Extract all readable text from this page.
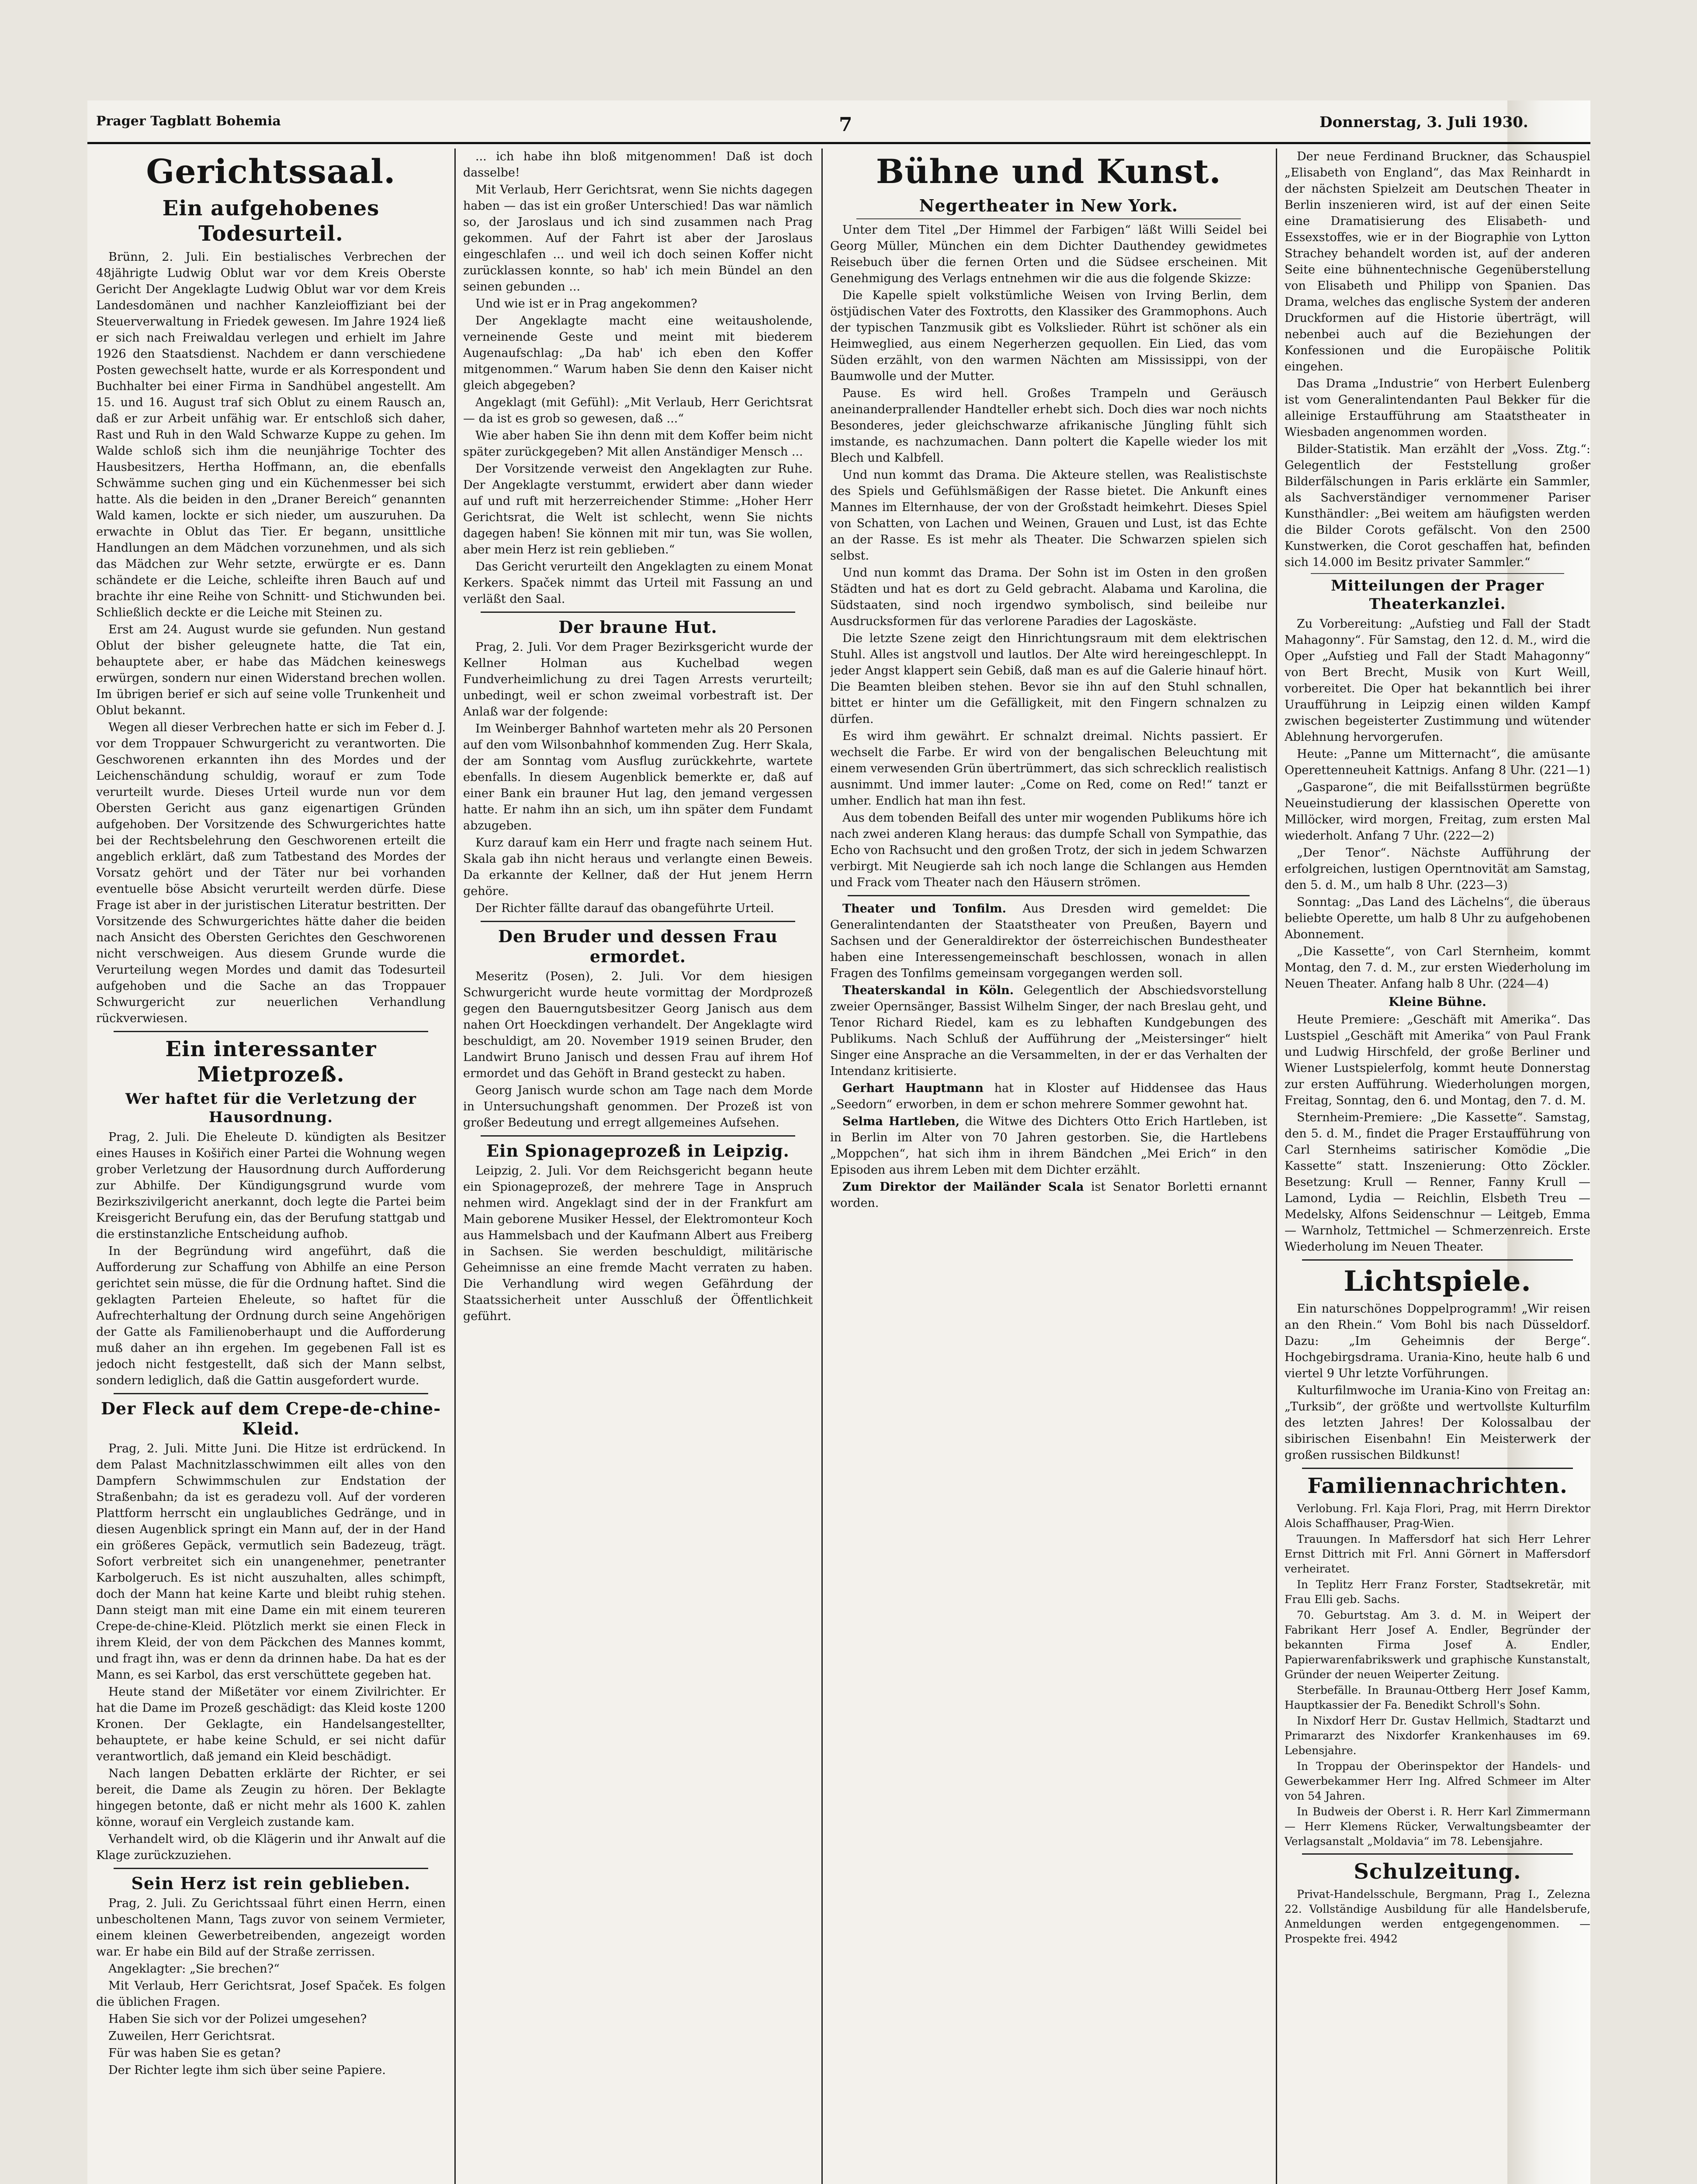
Prager Tagblatt Bohemia	7	Donnerstag, 3. Juli 1930.
Gerichtssaal.
Ein aufgehobenes Todesurteil.

Brünn, 2. Juli. Ein bestialisches Verbrechen der 48jährigte Ludwig Oblut war vor dem Kreis Oberste Gericht Der Angeklagte Ludwig Oblut war vor dem Kreis Landesdomänen und nachher Kanzleioffiziant bei der Steuerverwaltung in Friedek gewesen. Im Jahre 1924 ließ er sich nach Freiwaldau verlegen und erhielt im Jahre 1926 den Staatsdienst. Nachdem er dann verschiedene Posten gewechselt hatte, wurde er als Korrespondent und Buchhalter bei einer Firma in Sandhübel angestellt. Am 15. und 16. August traf sich Oblut zu einem Rausch an, daß er zur Arbeit unfähig war. Er entschloß sich daher, Rast und Ruh in den Wald Schwarze Kuppe zu gehen. Im Walde schloß sich ihm die neunjährige Tochter des Hausbesitzers, Hertha Hoffmann, an, die ebenfalls Schwämme suchen ging und ein Küchenmesser bei sich hatte. Als die beiden in den „Draner Bereich“ genannten Wald kamen, lockte er sich nieder, um auszuruhen. Da erwachte in Oblut das Tier. Er begann, unsittliche Handlungen an dem Mädchen vorzunehmen, und als sich das Mädchen zur Wehr setzte, erwürgte er es. Dann schändete er die Leiche, schleifte ihren Bauch auf und brachte ihr eine Reihe von Schnitt- und Stichwunden bei. Schließlich deckte er die Leiche mit Steinen zu.

Erst am 24. August wurde sie gefunden. Nun gestand Oblut der bisher geleugnete hatte, die Tat ein, behauptete aber, er habe das Mädchen keineswegs erwürgen, sondern nur einen Widerstand brechen wollen. Im übrigen berief er sich auf seine volle Trunkenheit und Oblut bekannt.

Wegen all dieser Verbrechen hatte er sich im Feber d. J. vor dem Troppauer Schwurgericht zu verantworten. Die Geschworenen erkannten ihn des Mordes und der Leichenschändung schuldig, worauf er zum Tode verurteilt wurde. Dieses Urteil wurde nun vor dem Obersten Gericht aus ganz eigenartigen Gründen aufgehoben. Der Vorsitzende des Schwurgerichtes hatte bei der Rechtsbelehrung den Geschworenen erteilt die angeblich erklärt, daß zum Tatbestand des Mordes der Vorsatz gehört und der Täter nur bei vorhanden eventuelle böse Absicht verurteilt werden dürfe. Diese Frage ist aber in der juristischen Literatur bestritten. Der Vorsitzende des Schwurgerichtes hätte daher die beiden nach Ansicht des Obersten Gerichtes den Geschworenen nicht verschweigen. Aus diesem Grunde wurde die Verurteilung wegen Mordes und damit das Todesurteil aufgehoben und die Sache an das Troppauer Schwurgericht zur neuerlichen Verhandlung rückverwiesen.

Ein interessanter Mietprozeß.
Wer haftet für die Verletzung der Hausordnung.

Prag, 2. Juli. Die Eheleute D. kündigten als Besitzer eines Hauses in Košiřich einer Partei die Wohnung wegen grober Verletzung der Hausordnung durch Aufforderung zur Abhilfe. Der Kündigungsgrund wurde vom Bezirkszivilgericht anerkannt, doch legte die Partei beim Kreisgericht Berufung ein, das der Berufung stattgab und die erstinstanzliche Entscheidung aufhob.

In der Begründung wird angeführt, daß die Aufforderung zur Schaffung von Abhilfe an eine Person gerichtet sein müsse, die für die Ordnung haftet. Sind die geklagten Parteien Eheleute, so haftet für die Aufrechterhaltung der Ordnung durch seine Angehörigen der Gatte als Familienoberhaupt und die Aufforderung muß daher an ihn ergehen. Im gegebenen Fall ist es jedoch nicht festgestellt, daß sich der Mann selbst, sondern lediglich, daß die Gattin ausgefordert wurde.

Der Fleck auf dem Crepe-de-chine-Kleid.

Prag, 2. Juli. Mitte Juni. Die Hitze ist erdrückend. In dem Palast Machnitzlasschwimmen eilt alles von den Dampfern Schwimmschulen zur Endstation der Straßenbahn; da ist es geradezu voll. Auf der vorderen Plattform herrscht ein unglaubliches Gedränge, und in diesen Augenblick springt ein Mann auf, der in der Hand ein größeres Gepäck, vermutlich sein Badezeug, trägt. Sofort verbreitet sich ein unangenehmer, penetranter Karbolgeruch. Es ist nicht auszuhalten, alles schimpft, doch der Mann hat keine Karte und bleibt ruhig stehen. Dann steigt man mit eine Dame ein mit einem teureren Crepe-de-chine-Kleid. Plötzlich merkt sie einen Fleck in ihrem Kleid, der von dem Päckchen des Mannes kommt, und fragt ihn, was er denn da drinnen habe. Da hat es der Mann, es sei Karbol, das erst verschüttete gegeben hat.

Heute stand der Mißetäter vor einem Zivilrichter. Er hat die Dame im Prozeß geschädigt: das Kleid koste 1200 Kronen. Der Geklagte, ein Handelsangestellter, behauptete, er habe keine Schuld, er sei nicht dafür verantwortlich, daß jemand ein Kleid beschädigt.

Nach langen Debatten erklärte der Richter, er sei bereit, die Dame als Zeugin zu hören. Der Beklagte hingegen betonte, daß er nicht mehr als 1600 K. zahlen könne, worauf ein Vergleich zustande kam.

Verhandelt wird, ob die Klägerin und ihr Anwalt auf die Klage zurückzuziehen.

Sein Herz ist rein geblieben.

Prag, 2. Juli. Zu Gerichtssaal führt einen Herrn, einen unbescholtenen Mann, Tags zuvor von seinem Vermieter, einem kleinen Gewerbetreibenden, angezeigt worden war. Er habe ein Bild auf der Straße zerrissen.

Angeklagter: „Sie brechen?“

Mit Verlaub, Herr Gerichtsrat, Josef Spaček. Es folgen die üblichen Fragen.

Haben Sie sich vor der Polizei umgesehen?

Zuweilen, Herr Gerichtsrat.

Für was haben Sie es getan?

Der Richter legte ihm sich über seine Papiere.

... ich habe ihn bloß mitgenommen! Daß ist doch dasselbe!

Mit Verlaub, Herr Gerichtsrat, wenn Sie nichts dagegen haben — das ist ein großer Unterschied! Das war nämlich so, der Jaroslaus und ich sind zusammen nach Prag gekommen. Auf der Fahrt ist aber der Jaroslaus eingeschlafen ... und weil ich doch seinen Koffer nicht zurücklassen konnte, so hab' ich mein Bündel an den seinen gebunden ...

Und wie ist er in Prag angekommen?

Der Angeklagte macht eine weitausholende, verneinende Geste und meint mit biederem Augenaufschlag: „Da hab' ich eben den Koffer mitgenommen.“ Warum haben Sie denn den Kaiser nicht gleich abgegeben?

Angeklagt (mit Gefühl): „Mit Verlaub, Herr Gerichtsrat — da ist es grob so gewesen, daß ...“

Wie aber haben Sie ihn denn mit dem Koffer beim nicht später zurückgegeben? Mit allen Anständiger Mensch ...

Der Vorsitzende verweist den Angeklagten zur Ruhe. Der Angeklagte verstummt, erwidert aber dann wieder auf und ruft mit herzerreichender Stimme: „Hoher Herr Gerichtsrat, die Welt ist schlecht, wenn Sie nichts dagegen haben! Sie können mit mir tun, was Sie wollen, aber mein Herz ist rein geblieben.“

Das Gericht verurteilt den Angeklagten zu einem Monat Kerkers. Spaček nimmt das Urteil mit Fassung an und verläßt den Saal.

Der braune Hut.

Prag, 2. Juli. Vor dem Prager Bezirksgericht wurde der Kellner Holman aus Kuchelbad wegen Fundverheimlichung zu drei Tagen Arrests verurteilt; unbedingt, weil er schon zweimal vorbestraft ist. Der Anlaß war der folgende:

Im Weinberger Bahnhof warteten mehr als 20 Personen auf den vom Wilsonbahnhof kommenden Zug. Herr Skala, der am Sonntag vom Ausflug zurückkehrte, wartete ebenfalls. In diesem Augenblick bemerkte er, daß auf einer Bank ein brauner Hut lag, den jemand vergessen hatte. Er nahm ihn an sich, um ihn später dem Fundamt abzugeben.

Kurz darauf kam ein Herr und fragte nach seinem Hut. Skala gab ihn nicht heraus und verlangte einen Beweis. Da erkannte der Kellner, daß der Hut jenem Herrn gehöre.

Der Richter fällte darauf das obangeführte Urteil.

Den Bruder und dessen Frau ermordet.

Meseritz (Posen), 2. Juli. Vor dem hiesigen Schwurgericht wurde heute vormittag der Mordprozeß gegen den Bauerngutsbesitzer Georg Janisch aus dem nahen Ort Hoeckdingen verhandelt. Der Angeklagte wird beschuldigt, am 20. November 1919 seinen Bruder, den Landwirt Bruno Janisch und dessen Frau auf ihrem Hof ermordet und das Gehöft in Brand gesteckt zu haben.

Georg Janisch wurde schon am Tage nach dem Morde in Untersuchungshaft genommen. Der Prozeß ist von großer Bedeutung und erregt allgemeines Aufsehen.

Ein Spionageprozeß in Leipzig.

Leipzig, 2. Juli. Vor dem Reichsgericht begann heute ein Spionageprozeß, der mehrere Tage in Anspruch nehmen wird. Angeklagt sind der in der Frankfurt am Main geborene Musiker Hessel, der Elektromonteur Koch aus Hammelsbach und der Kaufmann Albert aus Freiberg in Sachsen. Sie werden beschuldigt, militärische Geheimnisse an eine fremde Macht verraten zu haben. Die Verhandlung wird wegen Gefährdung der Staatssicherheit unter Ausschluß der Öffentlichkeit geführt.

Bühne und Kunst.
Negertheater in New York.

Unter dem Titel „Der Himmel der Farbigen“ läßt Willi Seidel bei Georg Müller, München ein dem Dichter Dauthendey gewidmetes Reisebuch über die fernen Orten und die Südsee erscheinen. Mit Genehmigung des Verlags entnehmen wir die aus die folgende Skizze:

Die Kapelle spielt volkstümliche Weisen von Irving Berlin, dem östjüdischen Vater des Foxtrotts, den Klassiker des Grammophons. Auch der typischen Tanzmusik gibt es Volkslieder. Rührt ist schöner als ein Heimweglied, aus einem Negerherzen gequollen. Ein Lied, das vom Süden erzählt, von den warmen Nächten am Mississippi, von der Baumwolle und der Mutter.

Pause. Es wird hell. Großes Trampeln und Geräusch aneinanderprallender Handteller erhebt sich. Doch dies war noch nichts Besonderes, jeder gleichschwarze afrikanische Jüngling fühlt sich imstande, es nachzumachen. Dann poltert die Kapelle wieder los mit Blech und Kalbfell.

Und nun kommt das Drama. Die Akteure stellen, was Realistischste des Spiels und Gefühlsmäßigen der Rasse bietet. Die Ankunft eines Mannes im Elternhause, der von der Großstadt heimkehrt. Dieses Spiel von Schatten, von Lachen und Weinen, Grauen und Lust, ist das Echte an der Rasse. Es ist mehr als Theater. Die Schwarzen spielen sich selbst.

Und nun kommt das Drama. Der Sohn ist im Osten in den großen Städten und hat es dort zu Geld gebracht. Alabama und Karolina, die Südstaaten, sind noch irgendwo symbolisch, sind beileibe nur Ausdrucksformen für das verlorene Paradies der Lagoskäste.

Die letzte Szene zeigt den Hinrichtungsraum mit dem elektrischen Stuhl. Alles ist angstvoll und lautlos. Der Alte wird hereingeschleppt. In jeder Angst klappert sein Gebiß, daß man es auf die Galerie hinauf hört. Die Beamten bleiben stehen. Bevor sie ihn auf den Stuhl schnallen, bittet er hinter um die Gefälligkeit, mit den Fingern schnalzen zu dürfen.

Es wird ihm gewährt. Er schnalzt dreimal. Nichts passiert. Er wechselt die Farbe. Er wird von der bengalischen Beleuchtung mit einem verwesenden Grün übertrümmert, das sich schrecklich realistisch ausnimmt. Und immer lauter: „Come on Red, come on Red!“ tanzt er umher. Endlich hat man ihn fest.

Aus dem tobenden Beifall des unter mir wogenden Publikums höre ich nach zwei anderen Klang heraus: das dumpfe Schall von Sympathie, das Echo von Rachsucht und den großen Trotz, der sich in jedem Schwarzen verbirgt. Mit Neugierde sah ich noch lange die Schlangen aus Hemden und Frack vom Theater nach den Häusern strömen.

Theater und Tonfilm. Aus Dresden wird gemeldet: Die Generalintendanten der Staatstheater von Preußen, Bayern und Sachsen und der Generaldirektor der österreichischen Bundestheater haben eine Interessengemeinschaft beschlossen, wonach in allen Fragen des Tonfilms gemeinsam vorgegangen werden soll.

Theaterskandal in Köln. Gelegentlich der Abschiedsvorstellung zweier Opernsänger, Bassist Wilhelm Singer, der nach Breslau geht, und Tenor Richard Riedel, kam es zu lebhaften Kundgebungen des Publikums. Nach Schluß der Aufführung der „Meistersinger“ hielt Singer eine Ansprache an die Versammelten, in der er das Verhalten der Intendanz kritisierte.

Gerhart Hauptmann hat in Kloster auf Hiddensee das Haus „Seedorn“ erworben, in dem er schon mehrere Sommer gewohnt hat.

Selma Hartleben, die Witwe des Dichters Otto Erich Hartleben, ist in Berlin im Alter von 70 Jahren gestorben. Sie, die Hartlebens „Moppchen“, hat sich ihm in ihrem Bändchen „Mei Erich“ in den Episoden aus ihrem Leben mit dem Dichter erzählt.

Zum Direktor der Mailänder Scala ist Senator Borletti ernannt worden.

Der neue Ferdinand Bruckner, das Schauspiel „Elisabeth von England“, das Max Reinhardt in der nächsten Spielzeit am Deutschen Theater in Berlin inszenieren wird, ist auf der einen Seite eine Dramatisierung des Elisabeth- und Essexstoffes, wie er in der Biographie von Lytton Strachey behandelt worden ist, auf der anderen Seite eine bühnentechnische Gegenüberstellung von Elisabeth und Philipp von Spanien. Das Drama, welches das englische System der anderen Druckformen auf die Historie überträgt, will nebenbei auch auf die Beziehungen der Konfessionen und die Europäische Politik eingehen.

Das Drama „Industrie“ von Herbert Eulenberg ist vom Generalintendanten Paul Bekker für die alleinige Erstaufführung am Staatstheater in Wiesbaden angenommen worden.

Bilder-Statistik. Man erzählt der „Voss. Ztg.“: Gelegentlich der Feststellung großer Bilderfälschungen in Paris erklärte ein Sammler, als Sachverständiger vernommener Pariser Kunsthändler: „Bei weitem am häufigsten werden die Bilder Corots gefälscht. Von den 2500 Kunstwerken, die Corot geschaffen hat, befinden sich 14.000 im Besitz privater Sammler.“

Mitteilungen der Prager Theaterkanzlei.

Zu Vorbereitung: „Aufstieg und Fall der Stadt Mahagonny“. Für Samstag, den 12. d. M., wird die Oper „Aufstieg und Fall der Stadt Mahagonny“ von Bert Brecht, Musik von Kurt Weill, vorbereitet. Die Oper hat bekanntlich bei ihrer Uraufführung in Leipzig einen wilden Kampf zwischen begeisterter Zustimmung und wütender Ablehnung hervorgerufen.

Heute: „Panne um Mitternacht“, die amüsante Operettenneuheit Kattnigs. Anfang 8 Uhr. (221—1)

„Gasparone“, die mit Beifallsstürmen begrüßte Neueinstudierung der klassischen Operette von Millöcker, wird morgen, Freitag, zum ersten Mal wiederholt. Anfang 7 Uhr. (222—2)

„Der Tenor“. Nächste Aufführung der erfolgreichen, lustigen Operntnovität am Samstag, den 5. d. M., um halb 8 Uhr. (223—3)

Sonntag: „Das Land des Lächelns“, die überaus beliebte Operette, um halb 8 Uhr zu aufgehobenen Abonnement.

„Die Kassette“, von Carl Sternheim, kommt Montag, den 7. d. M., zur ersten Wiederholung im Neuen Theater. Anfang halb 8 Uhr. (224—4)

Kleine Bühne.

Heute Premiere: „Geschäft mit Amerika“. Das Lustspiel „Geschäft mit Amerika“ von Paul Frank und Ludwig Hirschfeld, der große Berliner und Wiener Lustspielerfolg, kommt heute Donnerstag zur ersten Aufführung. Wiederholungen morgen, Freitag, Sonntag, den 6. und Montag, den 7. d. M.

Sternheim-Premiere: „Die Kassette“. Samstag, den 5. d. M., findet die Prager Erstaufführung von Carl Sternheims satirischer Komödie „Die Kassette“ statt. Inszenierung: Otto Zöckler. Besetzung: Krull — Renner, Fanny Krull — Lamond, Lydia — Reichlin, Elsbeth Treu — Medelsky, Alfons Seidenschnur — Leitgeb, Emma — Warnholz, Tettmichel — Schmerzenreich. Erste Wiederholung im Neuen Theater.

Lichtspiele.

Ein naturschönes Doppelprogramm! „Wir reisen an den Rhein.“ Vom Bohl bis nach Düsseldorf. Dazu: „Im Geheimnis der Berge“. Hochgebirgsdrama. Urania-Kino, heute halb 6 und viertel 9 Uhr letzte Vorführungen.

Kulturfilmwoche im Urania-Kino von Freitag an: „Turksib“, der größte und wertvollste Kulturfilm des letzten Jahres! Der Kolossalbau der sibirischen Eisenbahn! Ein Meisterwerk der großen russischen Bildkunst!

Familiennachrichten.

Verlobung. Frl. Kaja Flori, Prag, mit Herrn Direktor Alois Schaffhauser, Prag-Wien.

Trauungen. In Maffersdorf hat sich Herr Lehrer Ernst Dittrich mit Frl. Anni Görnert in Maffersdorf verheiratet.

In Teplitz Herr Franz Forster, Stadtsekretär, mit Frau Elli geb. Sachs.

70. Geburtstag. Am 3. d. M. in Weipert der Fabrikant Herr Josef A. Endler, Begründer der bekannten Firma Josef A. Endler, Papierwarenfabrikswerk und graphische Kunstanstalt, Gründer der neuen Weiperter Zeitung.

Sterbefälle. In Braunau-Ottberg Herr Josef Kamm, Hauptkassier der Fa. Benedikt Schroll's Sohn.

In Nixdorf Herr Dr. Gustav Hellmich, Stadtarzt und Primararzt des Nixdorfer Krankenhauses im 69. Lebensjahre.

In Troppau der Oberinspektor der Handels- und Gewerbekammer Herr Ing. Alfred Schmeer im Alter von 54 Jahren.

In Budweis der Oberst i. R. Herr Karl Zimmermann — Herr Klemens Rücker, Verwaltungsbeamter der Verlagsanstalt „Moldavia“ im 78. Lebensjahre.

Schulzeitung.

Privat-Handelsschule, Bergmann, Prag I., Zelezna 22. Vollständige Ausbildung für alle Handelsberufe, Anmeldungen werden entgegengenommen. — Prospekte frei. 4942
